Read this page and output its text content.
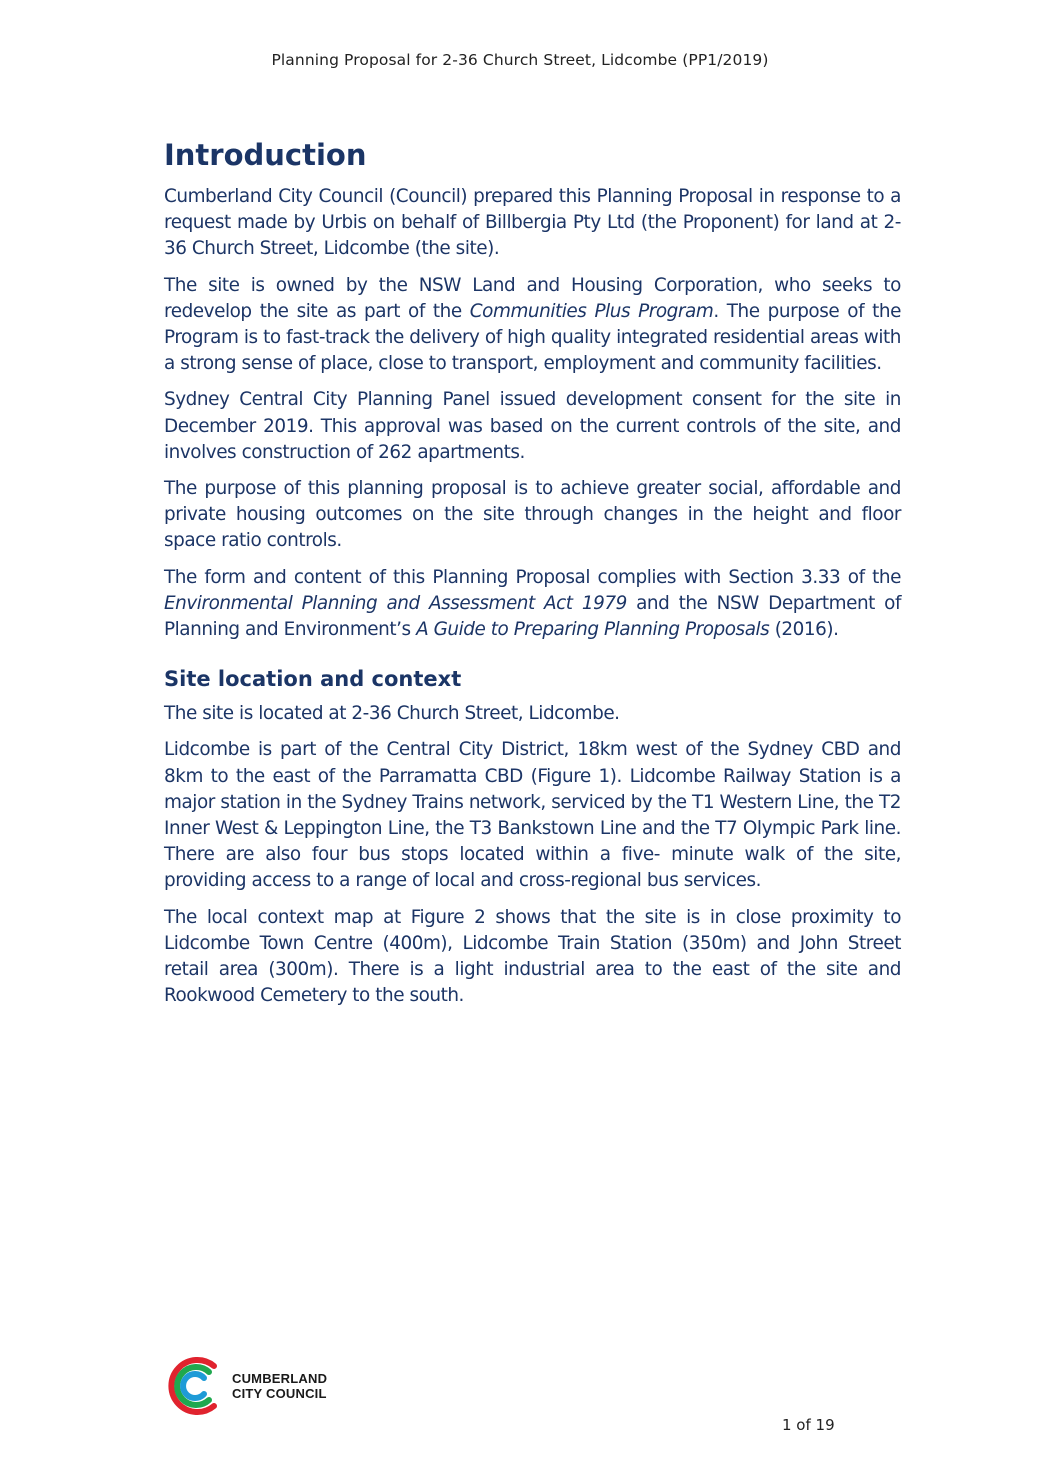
Planning Proposal for 2-36 Church Street, Lidcombe (PP1/2019)
Introduction

Cumberland City Council (Council) prepared this Planning Proposal in response to a request made by Urbis on behalf of Billbergia Pty Ltd (the Proponent) for land at 2-36 Church Street, Lidcombe (the site).

The site is owned by the NSW Land and Housing Corporation, who seeks to redevelop the site as part of the Communities Plus Program. The purpose of the Program is to fast-track the delivery of high quality integrated residential areas with a strong sense of place, close to transport, employment and community facilities.

Sydney Central City Planning Panel issued development consent for the site in December 2019. This approval was based on the current controls of the site, and involves construction of 262 apartments.

The purpose of this planning proposal is to achieve greater social, affordable and private housing outcomes on the site through changes in the height and floor space ratio controls.

The form and content of this Planning Proposal complies with Section 3.33 of the Environmental Planning and Assessment Act 1979 and the NSW Department of Planning and Environment’s A Guide to Preparing Planning Proposals (2016).

Site location and context

The site is located at 2-36 Church Street, Lidcombe.

Lidcombe is part of the Central City District, 18km west of the Sydney CBD and 8km to the east of the Parramatta CBD (Figure 1). Lidcombe Railway Station is a major station in the Sydney Trains network, serviced by the T1 Western Line, the T2 Inner West & Leppington Line, the T3 Bankstown Line and the T7 Olympic Park line. There are also four bus stops located within a five- minute walk of the site, providing access to a range of local and cross-regional bus services.

The local context map at Figure 2 shows that the site is in close proximity to Lidcombe Town Centre (400m), Lidcombe Train Station (350m) and John Street retail area (300m). There is a light industrial area to the east of the site and Rookwood Cemetery to the south.

CUMBERLAND
CITY COUNCIL
1 of 19
